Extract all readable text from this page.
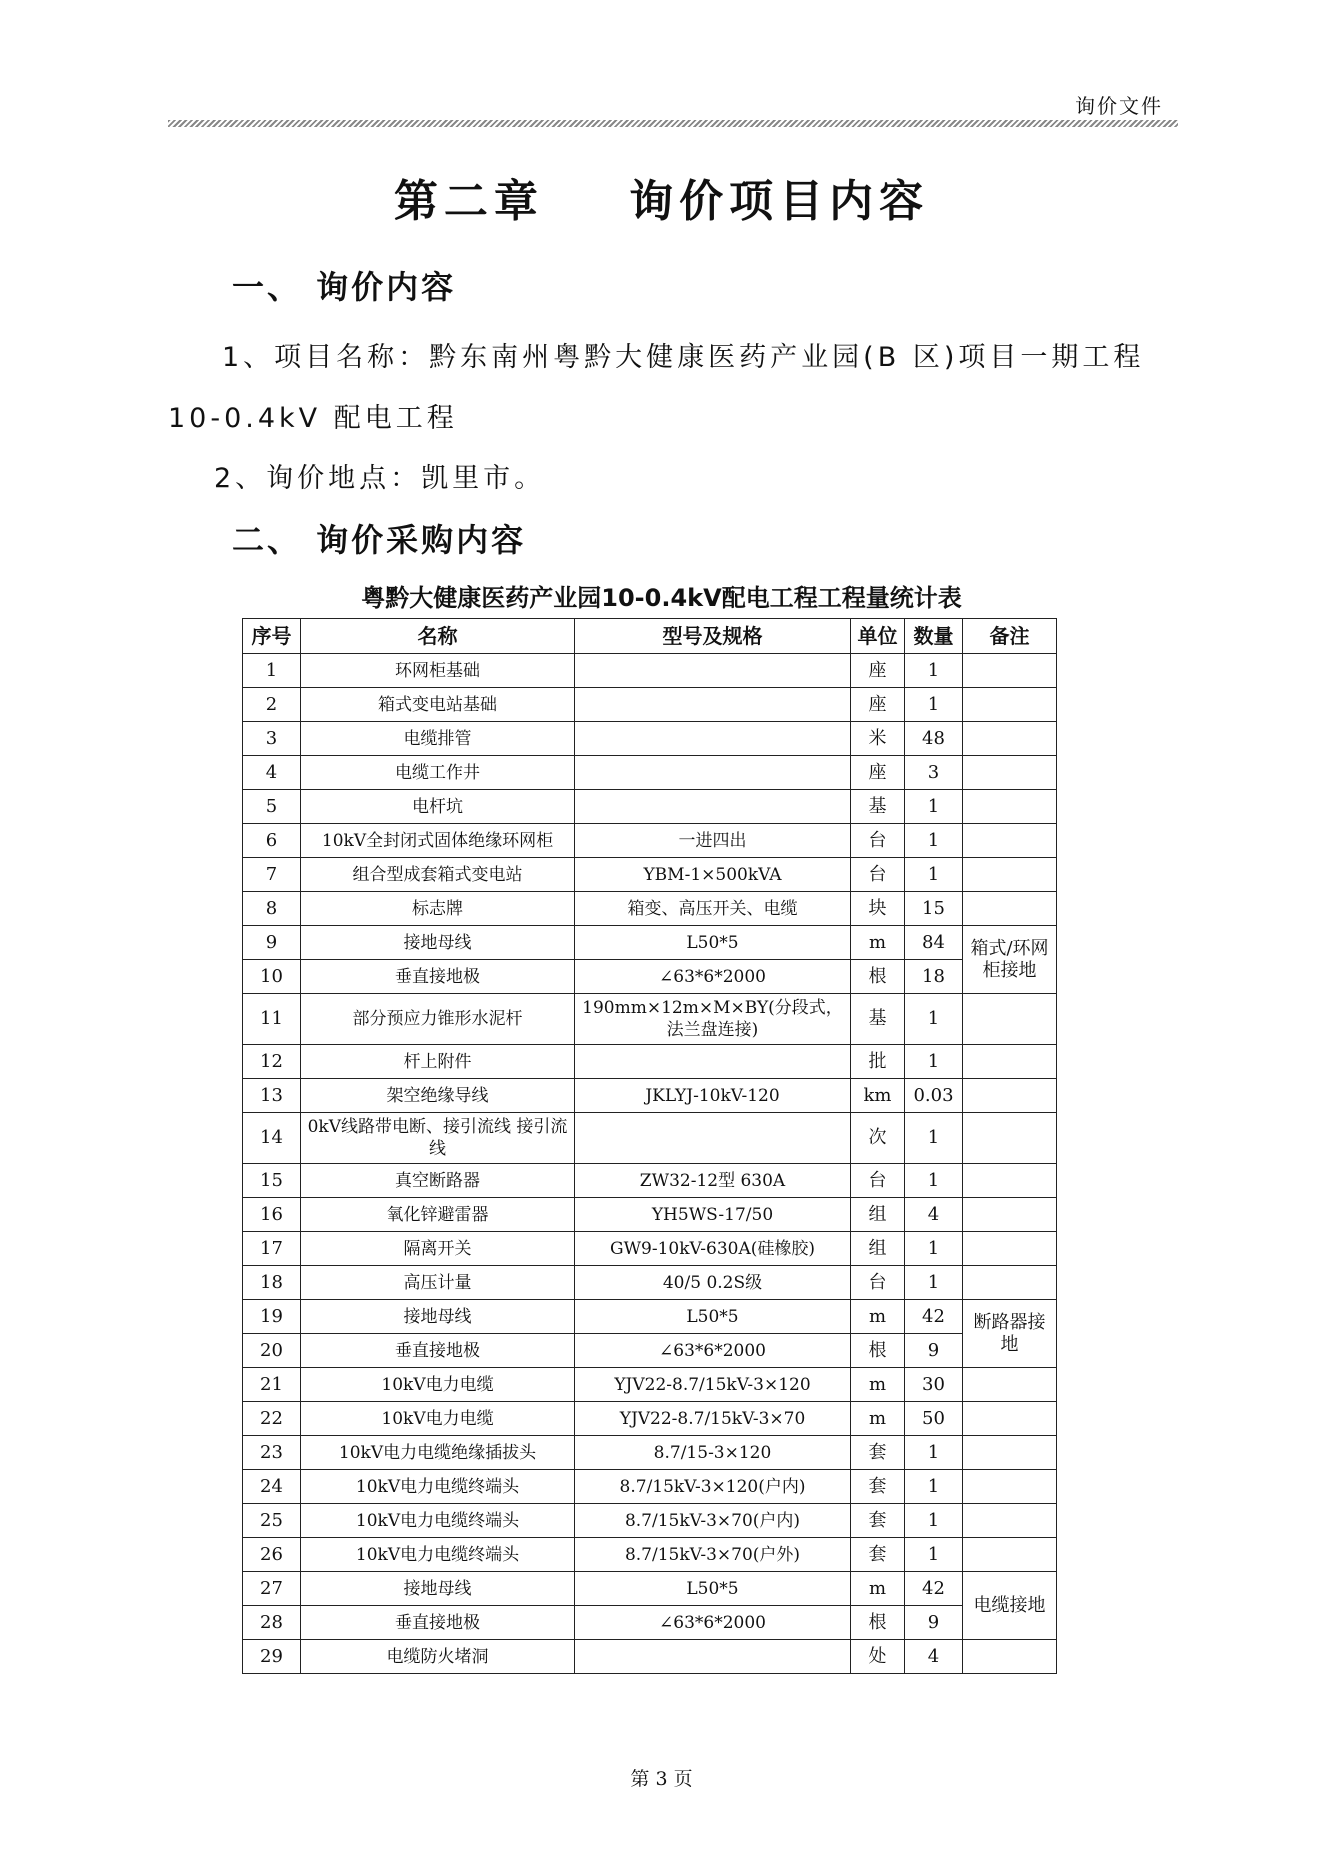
询价文件
第二章    询价项目内容
一、 询价内容
1、项目名称：黔东南州粤黔大健康医药产业园(B 区)项目一期工程
10-0.4kV 配电工程
2、询价地点：凯里市。
二、 询价采购内容
粤黔大健康医药产业园10-0.4kV配电工程工程量统计表
序号	名称	型号及规格	单位	数量	备注
1	环网柜基础		座	1	
2	箱式变电站基础		座	1	
3	电缆排管		米	48	
4	电缆工作井		座	3	
5	电杆坑		基	1	
6	10kV全封闭式固体绝缘环网柜	一进四出	台	1	
7	组合型成套箱式变电站	YBM-1×500kVA	台	1	
8	标志牌	箱变、高压开关、电缆	块	15	
9	接地母线	L50*5	m	84	箱式/环网柜接地
10	垂直接地极	∠63*6*2000	根	18	
11	部分预应力锥形水泥杆	190mm×12m×M×BY(分段式，法兰盘连接)	基	1	
12	杆上附件		批	1	
13	架空绝缘导线	JKLYJ-10kV-120	km	0.03	
14	0kV线路带电断、接引流线 接引流线		次	1	
15	真空断路器	ZW32-12型 630A	台	1	
16	氧化锌避雷器	YH5WS-17/50	组	4	
17	隔离开关	GW9-10kV-630A(硅橡胶)	组	1	
18	高压计量	40/5 0.2S级	台	1	
19	接地母线	L50*5	m	42	断路器接地
20	垂直接地极	∠63*6*2000	根	9	
21	10kV电力电缆	YJV22-8.7/15kV-3×120	m	30	
22	10kV电力电缆	YJV22-8.7/15kV-3×70	m	50	
23	10kV电力电缆绝缘插拔头	8.7/15-3×120	套	1	
24	10kV电力电缆终端头	8.7/15kV-3×120(户内)	套	1	
25	10kV电力电缆终端头	8.7/15kV-3×70(户内)	套	1	
26	10kV电力电缆终端头	8.7/15kV-3×70(户外)	套	1	
27	接地母线	L50*5	m	42	电缆接地
28	垂直接地极	∠63*6*2000	根	9	
29	电缆防火堵洞		处	4	
第 3 页
